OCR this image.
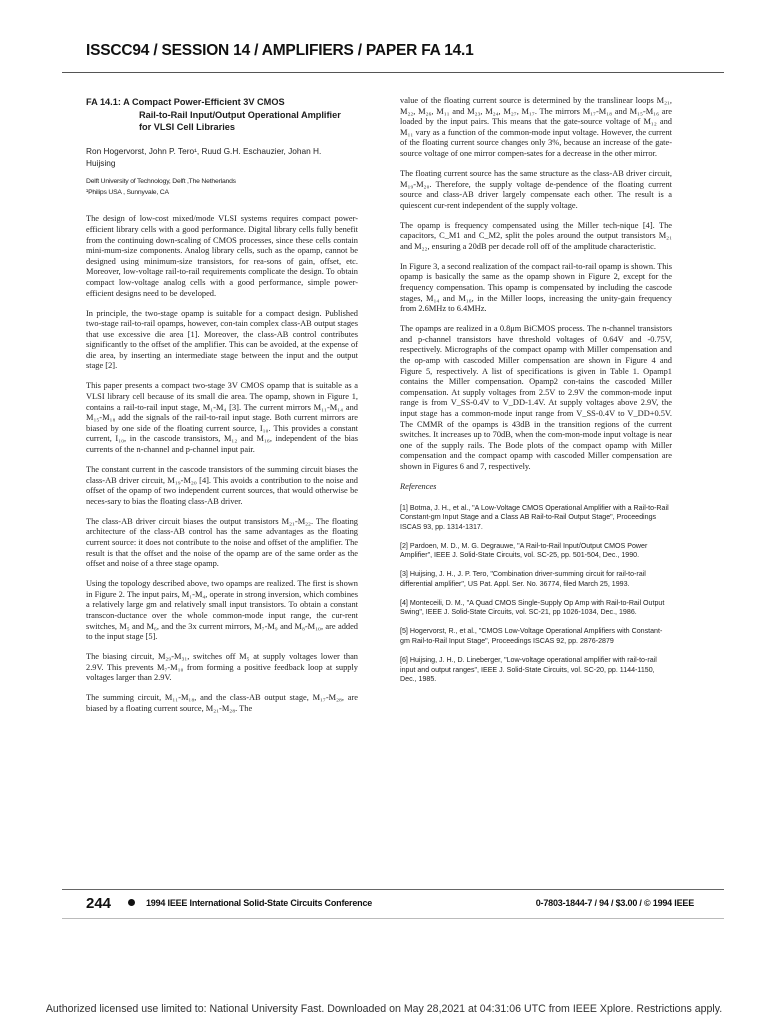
ISSCC94 / SESSION 14 / AMPLIFIERS / PAPER FA 14.1
FA 14.1: A Compact Power-Efficient 3V CMOS
Rail-to-Rail Input/Output Operational Amplifier
for VLSI Cell Libraries
Ron Hogervorst, John P. Tero¹, Ruud G.H. Eschauzier, Johan H.
Huijsing
Delft University of Technology, Delft ,The Netherlands
¹Philips USA , Sunnyvale, CA

The design of low-cost mixed/mode VLSI systems requires compact power-efficient library cells with a good performance. Digital library cells fully benefit from the continuing down-scaling of CMOS processes, since these cells contain mini-mum-size components. Analog library cells, such as the opamp, cannot be designed using minimum-size transistors, for rea-sons of gain, offset, etc. Moreover, low-voltage rail-to-rail requirements complicate the design. To obtain compact low-voltage analog cells with a good performance, simple power-efficient designs need to be developed.

In principle, the two-stage opamp is suitable for a compact design. Published two-stage rail-to-rail opamps, however, con-tain complex class-AB output stages that use excessive die area [1]. Moreover, the class-AB control contributes significantly to the offset of the amplifier. This can be avoided, at the expense of die area, by inserting an intermediate stage between the input and the output stage [2].

This paper presents a compact two-stage 3V CMOS opamp that is suitable as a VLSI library cell because of its small die area. The opamp, shown in Figure 1, contains a rail-to-rail input stage, M₁-M₄ [3]. The current mirrors M₁₁-M₁₄ and M₁₅-M₁₈ add the signals of the rail-to-rail input stage. Both current mirrors are biased by one side of the floating current source, I₁₀. This provides a constant current, I₁₀, in the cascode transistors, M₁₂ and M₁₆, independent of the bias currents of the n-channel and p-channel input pair.

The constant current in the cascode transistors of the summing circuit biases the class-AB driver circuit, M₁₉-M₂₀ [4]. This avoids a contribution to the noise and offset of the opamp of two independent current sources, that would otherwise be neces-sary to bias the floating class-AB driver.

The class-AB driver circuit biases the output transistors M₂₁-M₂₂. The floating architecture of the class-AB control has the same advantages as the floating current source: it does not contribute to the noise and offset of the amplifier. The result is that the offset and the noise of the opamp are of the same order as the offset and noise of a three stage opamp.

Using the topology described above, two opamps are realized. The first is shown in Figure 2. The input pairs, M₁-M₄, operate in strong inversion, which combines a relatively large gm and relatively small input transistors. To obtain a constant transcon-ductance over the whole common-mode input range, the cur-rent switches, M₅ and M₆, and the 3x current mirrors, M₇-M₉ and M₈-M₁₀, are added to the input stage [5].

The biasing circuit, M₂₉-M₃₁, switches off M₅ at supply voltages lower than 2.9V. This prevents M₇-M₁₀ from forming a positive feedback loop at supply voltages larger than 2.9V.

The summing circuit, M₁₁-M₁₈, and the class-AB output stage, M₁₇-M₂₈, are biased by a floating current source, M₂₁-M₂₈. The

value of the floating current source is determined by the translinear loops M₂₁, M₂₂, M₂₆, M₁₁ and M₂₃, M₂₄, M₂₇, M₁₇. The mirrors M₁₇-M₁₈ and M₁₅-M₁₆ are loaded by the input pairs. This means that the gate-source voltage of M₁₂ and M₁₁ vary as a function of the common-mode input voltage. However, the current of the floating current source changes only 3%, because an increase of the gate-source voltage of one mirror compen-sates for a decrease in the other mirror.

The floating current source has the same structure as the class-AB driver circuit, M₁₉-M₂₀. Therefore, the supply voltage de-pendence of the floating current source and class-AB driver largely compensate each other. The result is a quiescent cur-rent independent of the supply voltage.

The opamp is frequency compensated using the Miller tech-nique [4]. The capacitors, C_M1 and C_M2, split the poles around the output transistors M₂₁ and M₂₂, ensuring a 20dB per decade roll off of the amplitude characteristic.

In Figure 3, a second realization of the compact rail-to-rail opamp is shown. This opamp is basically the same as the opamp shown in Figure 2, except for the frequency compensation. This opamp is compensated by including the cascode stages, M₁₄ and M₁₆, in the Miller loops, increasing the unity-gain frequency from 2.6MHz to 6.4MHz.

The opamps are realized in a 0.8μm BiCMOS process. The n-channel transistors and p-channel transistors have threshold voltages of 0.64V and -0.75V, respectively. Micrographs of the compact opamp with Miller compensation and the op-amp with cascoded Miller compensation are shown in Figure 4 and Figure 5, respectively. A list of specifications is given in Table 1. Opamp1 contains the Miller compensation. Opamp2 con-tains the cascoded Miller compensation. At supply voltages from 2.5V to 2.9V the common-mode input range is from V_SS-0.4V to V_DD-1.4V. At supply voltages above 2.9V, the input stage has a common-mode input range from V_SS-0.4V to V_DD+0.5V. The CMMR of the opamps is 43dB in the transition regions of the current switches. It increases up to 70dB, when the com-mon-mode input voltage is near one of the supply rails. The Bode plots of the compact opamp with Miller compensation and the compact opamp with cascoded Miller compensation are shown in Figures 6 and 7, respectively.

References
[1] Botma, J. H., et al., "A Low-Voltage CMOS Operational Amplifier with a Rail-to-Rail Constant-gm Input Stage and a Class AB Rail-to-Rail Output Stage", Proceedings ISCAS 93, pp. 1314-1317.
[2] Pardoen, M. D., M. G. Degrauwe, "A Rail-to-Rail Input/Output CMOS Power Amplifier", IEEE J. Solid-State Circuits, vol. SC-25, pp. 501-504, Dec., 1990.
[3] Huijsing, J. H., J. P. Tero, "Combination driver-summing circuit for rail-to-rail differential amplifier", US Pat. Appl. Ser. No. 36774, filed March 25, 1993.
[4] Monteceili, D. M., "A Quad CMOS Single-Supply Op Amp with Rail-to-Rail Output Swing", IEEE J. Solid-State Circuits, vol. SC-21, pp 1026-1034, Dec., 1986.
[5] Hogervorst, R., et al., "CMOS Low-Voltage Operational Amplifiers with Constant-gm Rail-to-Rail Input Stage", Proceedings ISCAS 92, pp. 2876-2879
[6] Huijsing, J. H., D. Lineberger, "Low-voltage operational amplifier with rail-to-rail input and output ranges", IEEE J. Solid-State Circuits, vol. SC-20, pp. 1144-1150, Dec., 1985.
244	1994 IEEE International Solid-State Circuits Conference	0-7803-1844-7 / 94 / $3.00 / © 1994 IEEE
Authorized licensed use limited to: National University Fast. Downloaded on May 28,2021 at 04:31:06 UTC from IEEE Xplore. Restrictions apply.
